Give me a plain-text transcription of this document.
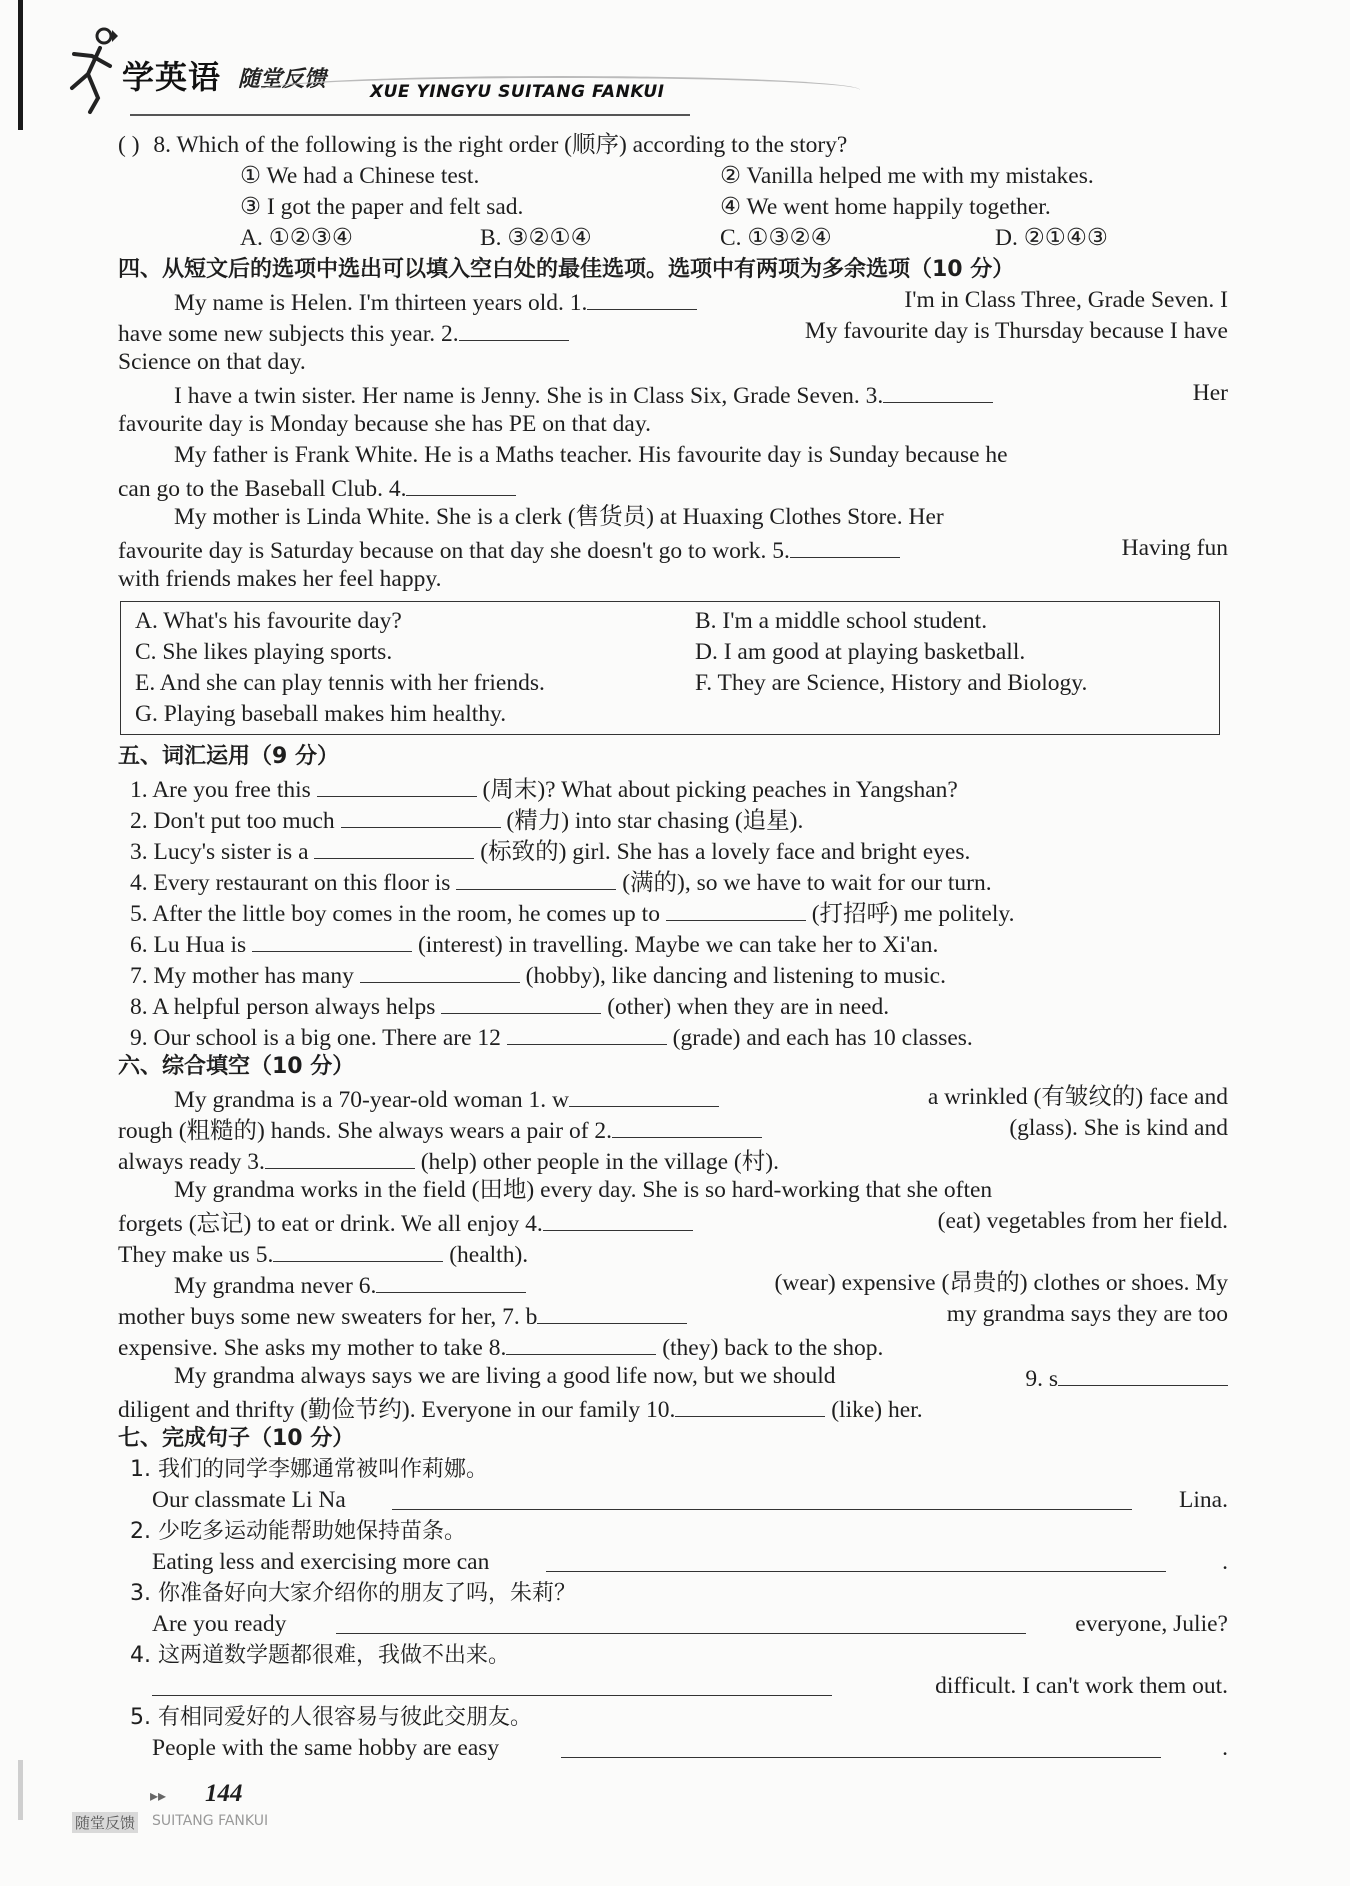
学英语 随堂反馈	XUE YINGYU SUITANG FANKUI
( ) 8. Which of the following is the right order (顺序) according to the story?
① We had a Chinese test.	② Vanilla helped me with my mistakes.
③ I got the paper and felt sad.	④ We went home happily together.
A. ①②③④	B. ③②①④	C. ①③②④	D. ②①④③
四、从短文后的选项中选出可以填入空白处的最佳选项。选项中有两项为多余选项（10 分）
My name is Helen. I'm thirteen years old. 1.	I'm in Class Three, Grade Seven. I
have some new subjects this year. 2.	My favourite day is Thursday because I have
Science on that day.
I have a twin sister. Her name is Jenny. She is in Class Six, Grade Seven. 3.	Her
favourite day is Monday because she has PE on that day.
My father is Frank White. He is a Maths teacher. His favourite day is Sunday because he
can go to the Baseball Club. 4.
My mother is Linda White. She is a clerk (售货员) at Huaxing Clothes Store. Her
favourite day is Saturday because on that day she doesn't go to work. 5.	Having fun
with friends makes her feel happy.
A. What's his favourite day?	B. I'm a middle school student.
C. She likes playing sports.	D. I am good at playing basketball.
E. And she can play tennis with her friends.	F. They are Science, History and Biology.
G. Playing baseball makes him healthy.
五、词汇运用（9 分）
1. Are you free this	(周末)? What about picking peaches in Yangshan?
2. Don't put too much	(精力) into star chasing (追星).
3. Lucy's sister is a	(标致的) girl. She has a lovely face and bright eyes.
4. Every restaurant on this floor is	(满的), so we have to wait for our turn.
5. After the little boy comes in the room, he comes up to	(打招呼) me politely.
6. Lu Hua is	(interest) in travelling. Maybe we can take her to Xi'an.
7. My mother has many	(hobby), like dancing and listening to music.
8. A helpful person always helps	(other) when they are in need.
9. Our school is a big one. There are 12	(grade) and each has 10 classes.
六、综合填空（10 分）
My grandma is a 70-year-old woman 1. w	a wrinkled (有皱纹的) face and
rough (粗糙的) hands. She always wears a pair of 2.	(glass). She is kind and
always ready 3.	(help) other people in the village (村).
My grandma works in the field (田地) every day. She is so hard-working that she often
forgets (忘记) to eat or drink. We all enjoy 4.	(eat) vegetables from her field.
They make us 5.	(health).
My grandma never 6.	(wear) expensive (昂贵的) clothes or shoes. My
mother buys some new sweaters for her, 7. b	my grandma says they are too
expensive. She asks my mother to take 8.	(they) back to the shop.
My grandma always says we are living a good life now, but we should	9. s
diligent and thrifty (勤俭节约). Everyone in our family 10.	(like) her.
七、完成句子（10 分）
1. 我们的同学李娜通常被叫作莉娜。
Our classmate Li Na	Lina.
2. 少吃多运动能帮助她保持苗条。
Eating less and exercising more can	.
3. 你准备好向大家介绍你的朋友了吗，朱莉？
Are you ready	everyone, Julie?
4. 这两道数学题都很难，我做不出来。
difficult. I can't work them out.
5. 有相同爱好的人很容易与彼此交朋友。
People with the same hobby are easy	.
▸▸ 144
随堂反馈 SUITANG FANKUI
